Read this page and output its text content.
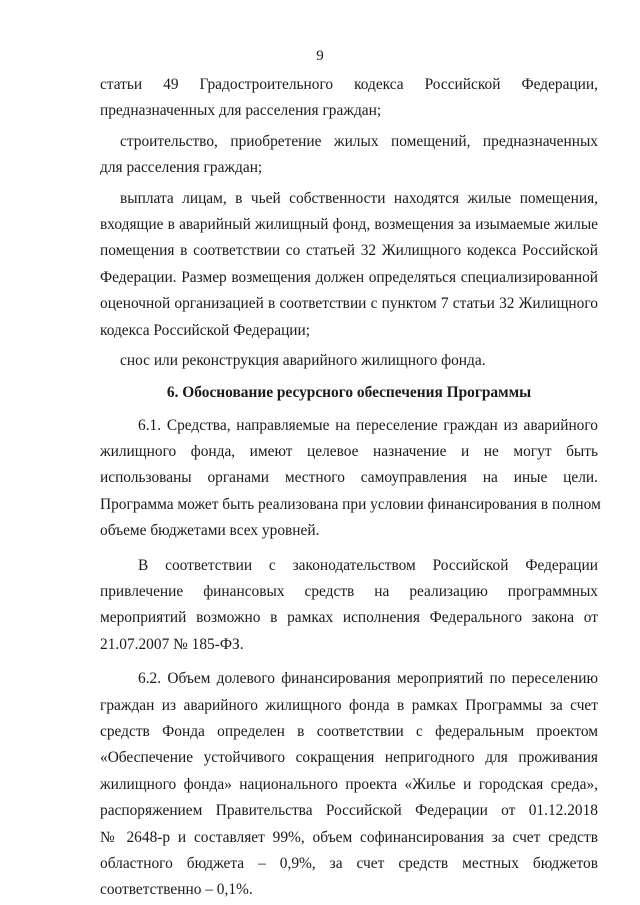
9
статьи 49 Градостроительного кодекса Российской Федерации,
предназначенных для расселения граждан;
строительство, приобретение жилых помещений, предназначенных
для расселения граждан;
выплата лицам, в чьей собственности находятся жилые помещения,
входящие в аварийный жилищный фонд, возмещения за изымаемые жилые
помещения в соответствии со статьей 32 Жилищного кодекса Российской
Федерации. Размер возмещения должен определяться специализированной
оценочной организацией в соответствии с пунктом 7 статьи 32 Жилищного
кодекса Российской Федерации;
снос или реконструкция аварийного жилищного фонда.
6. Обоснование ресурсного обеспечения Программы
6.1. Средства, направляемые на переселение граждан из аварийного
жилищного фонда, имеют целевое назначение и не могут быть
использованы органами местного самоуправления на иные цели.
Программа может быть реализована при условии финансирования в полном
объеме бюджетами всех уровней.
В соответствии с законодательством Российской Федерации
привлечение финансовых средств на реализацию программных
мероприятий возможно в рамках исполнения Федерального закона от
21.07.2007 № 185-ФЗ.
6.2. Объем долевого финансирования мероприятий по переселению
граждан из аварийного жилищного фонда в рамках Программы за счет
средств Фонда определен в соответствии с федеральным проектом
«Обеспечение устойчивого сокращения непригодного для проживания
жилищного фонда» национального проекта «Жилье и городская среда»,
распоряжением Правительства Российской Федерации от 01.12.2018
№ 2648-р и составляет 99%, объем софинансирования за счет средств
областного бюджета – 0,9%, за счет средств местных бюджетов
соответственно – 0,1%.
